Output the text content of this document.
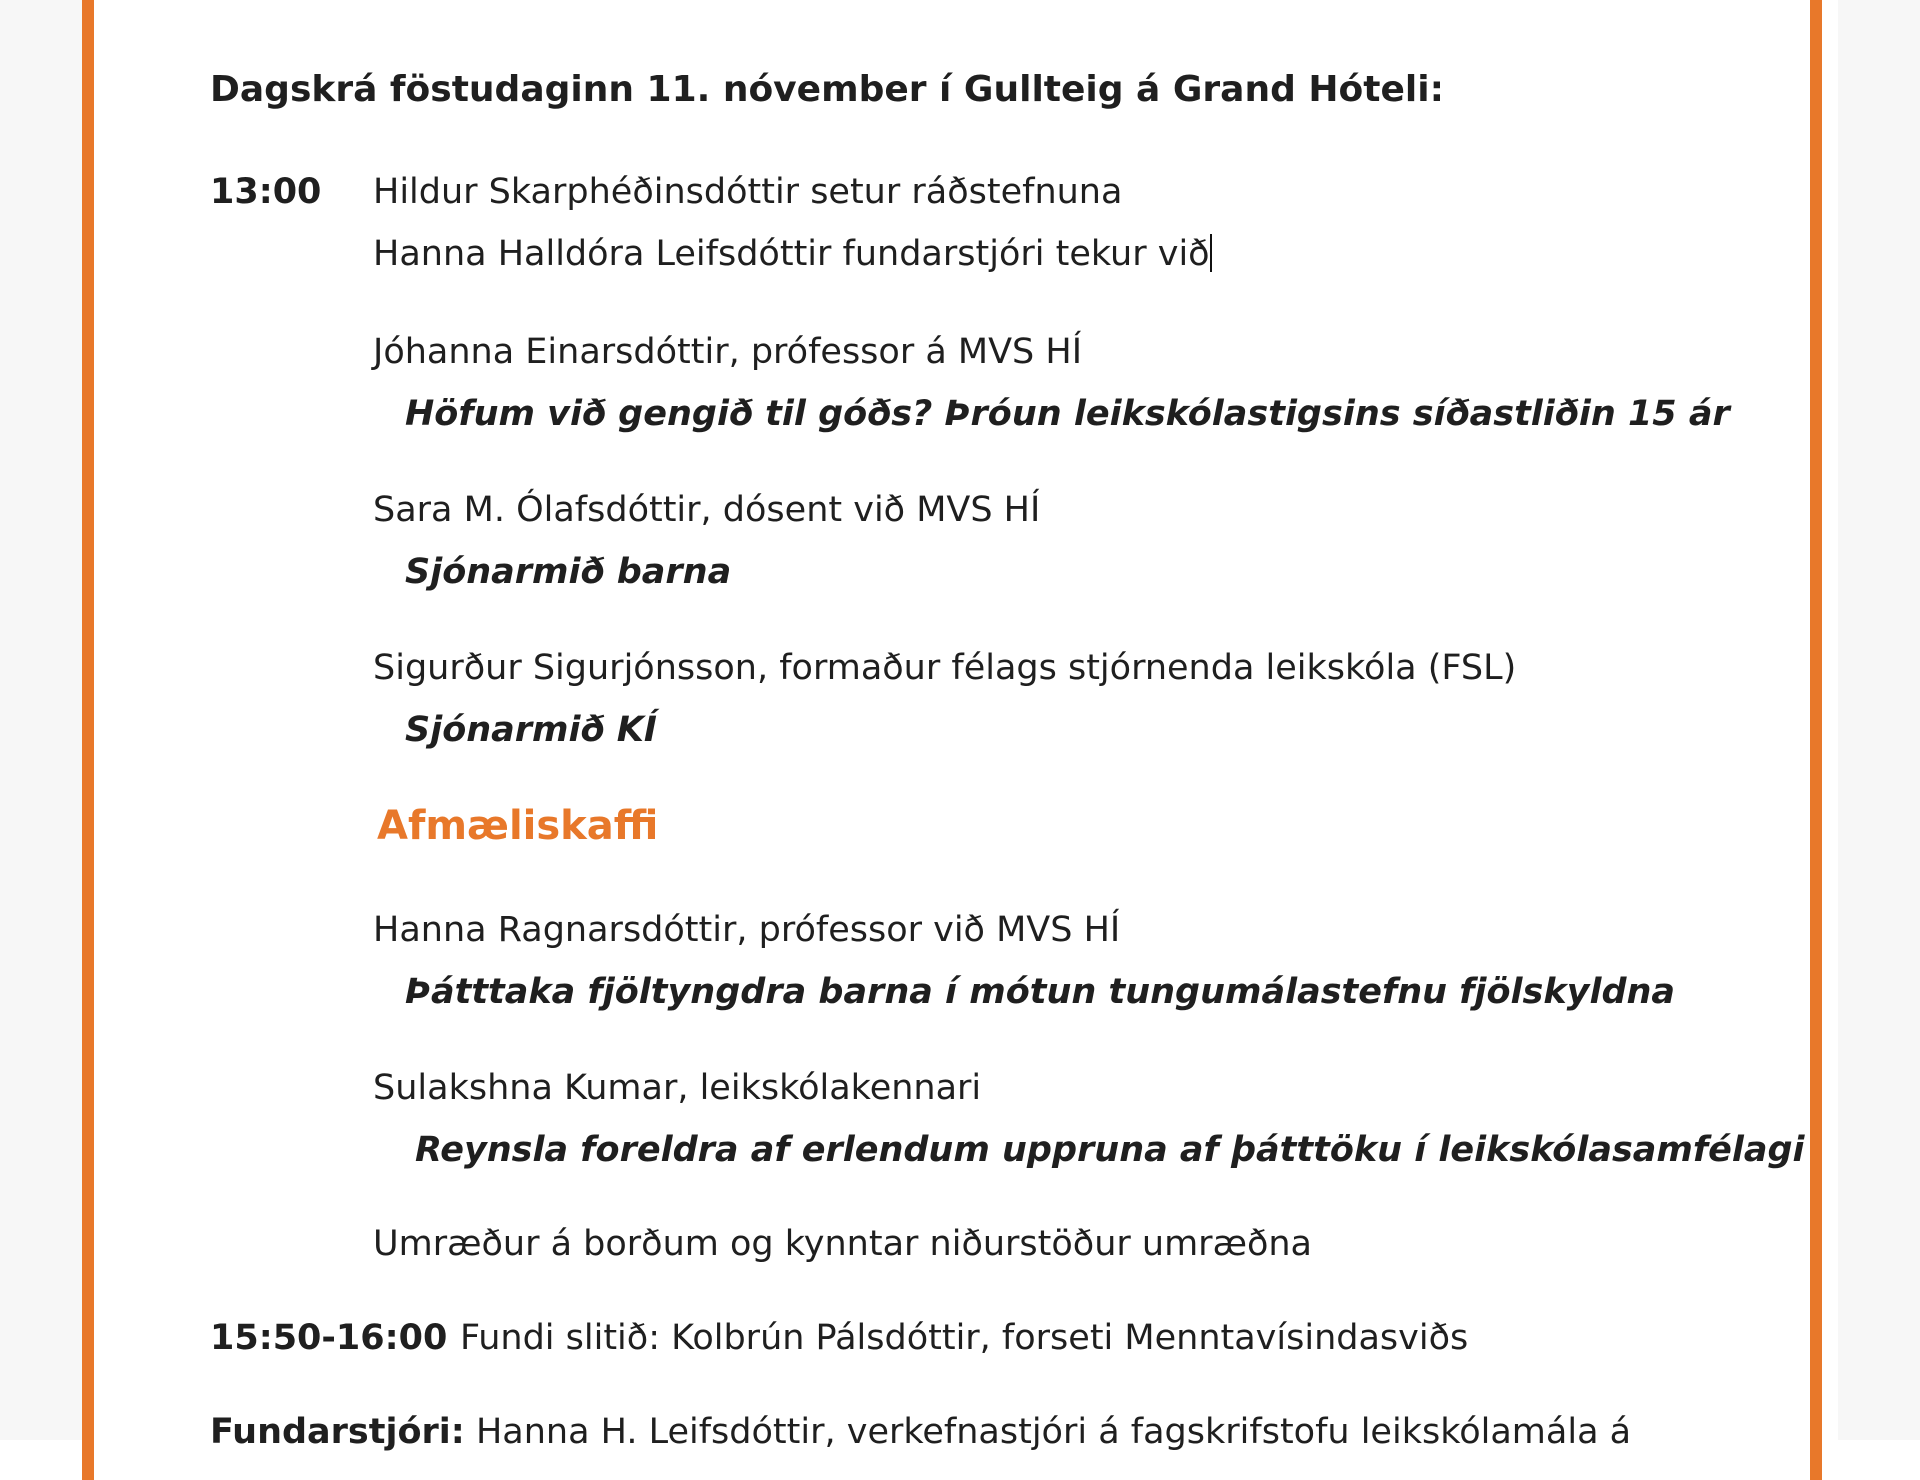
Dagskrá föstudaginn 11. nóvember í Gullteig á Grand Hóteli:
13:00 Hildur Skarphéðinsdóttir setur ráðstefnuna
Hanna Halldóra Leifsdóttir fundarstjóri tekur við
Jóhanna Einarsdóttir, prófessor á MVS HÍ
Höfum við gengið til góðs? Þróun leikskólastigsins síðastliðin 15 ár
Sara M. Ólafsdóttir, dósent við MVS HÍ
Sjónarmið barna
Sigurður Sigurjónsson, formaður félags stjórnenda leikskóla (FSL)
Sjónarmið KÍ
Afmæliskaffi
Hanna Ragnarsdóttir, prófessor við MVS HÍ
Þátttaka fjöltyngdra barna í mótun tungumálastefnu fjölskyldna
Sulakshna Kumar, leikskólakennari
Reynsla foreldra af erlendum uppruna af þátttöku í leikskólasamfélagi
Umræður á borðum og kynntar niðurstöður umræðna
15:50-16:00 Fundi slitið: Kolbrún Pálsdóttir, forseti Menntavísindasviðs
Fundarstjóri: Hanna H. Leifsdóttir, verkefnastjóri á fagskrifstofu leikskólamála á
